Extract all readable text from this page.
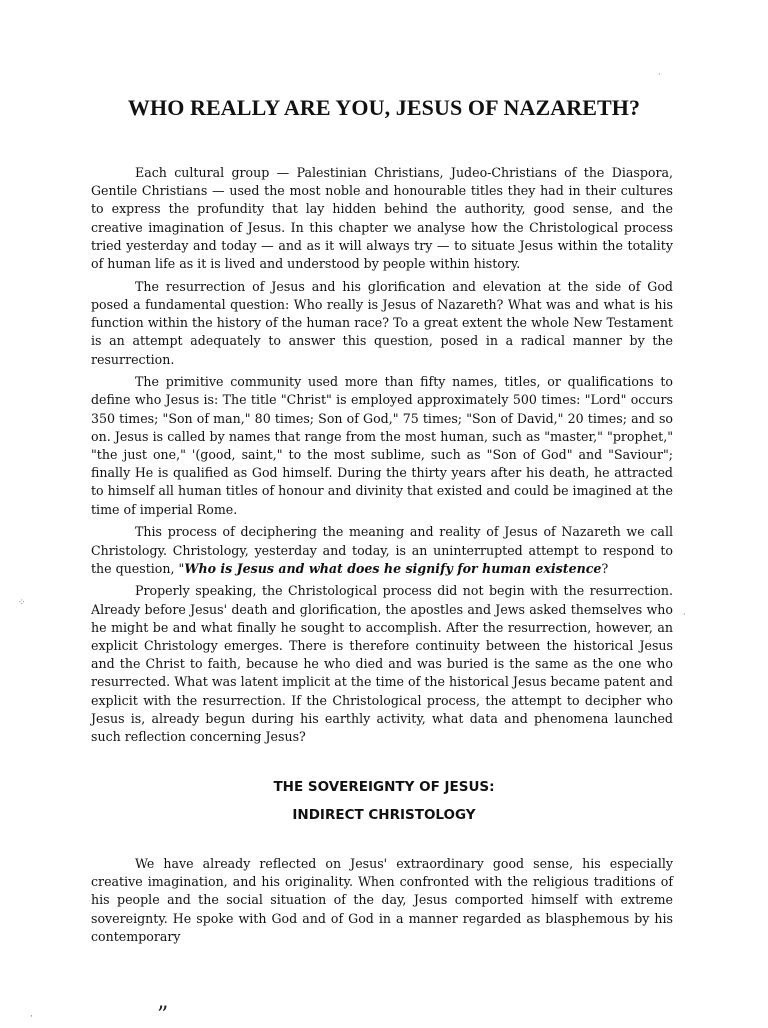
WHO REALLY ARE YOU, JESUS OF NAZARETH?

Each cultural group — Palestinian Christians, Judeo-Christians of the Diaspora, Gentile Christians — used the most noble and honourable titles they had in their cultures to express the profundity that lay hidden behind the authority, good sense, and the creative imagination of Jesus. In this chapter we analyse how the Christological process tried yesterday and today — and as it will always try — to situate Jesus within the totality of human life as it is lived and understood by people within history.

The resurrection of Jesus and his glorification and elevation at the side of God posed a fundamental question: Who really is Jesus of Nazareth? What was and what is his function within the history of the human race? To a great extent the whole New Testament is an attempt adequately to answer this question, posed in a radical manner by the resurrection.

The primitive community used more than fifty names, titles, or qualifications to define who Jesus is: The title "Christ" is employed approximately 500 times: "Lord" occurs 350 times; "Son of man," 80 times; Son of God," 75 times; "Son of David," 20 times; and so on. Jesus is called by names that range from the most human, such as "master," "prophet," "the just one," '(good, saint," to the most sublime, such as "Son of God" and "Saviour"; finally He is qualified as God himself. During the thirty years after his death, he attracted to himself all human titles of honour and divinity that existed and could be imagined at the time of imperial Rome.

This process of deciphering the meaning and reality of Jesus of Nazareth we call Christology. Christology, yesterday and today, is an uninterrupted attempt to respond to the question, "Who is Jesus and what does he signify for human existence?

Properly speaking, the Christological process did not begin with the resurrection. Already before Jesus' death and glorification, the apostles and Jews asked themselves who he might be and what finally he sought to accomplish. After the resurrection, however, an explicit Christology emerges. There is therefore continuity between the historical Jesus and the Christ to faith, because he who died and was buried is the same as the one who resurrected. What was latent implicit at the time of the historical Jesus became patent and explicit with the resurrection. If the Christological process, the attempt to decipher who Jesus is, already begun during his earthly activity, what data and phenomena launched such reflection concerning Jesus?

THE SOVEREIGNTY OF JESUS:
INDIRECT CHRISTOLOGY

We have already reflected on Jesus' extraordinary good sense, his especially creative imagination, and his originality. When confronted with the religious traditions of his people and the social situation of the day, Jesus comported himself with extreme sovereignty. He spoke with God and of God in a manner regarded as blasphemous by his contemporary

·
⁘
·
·	”
